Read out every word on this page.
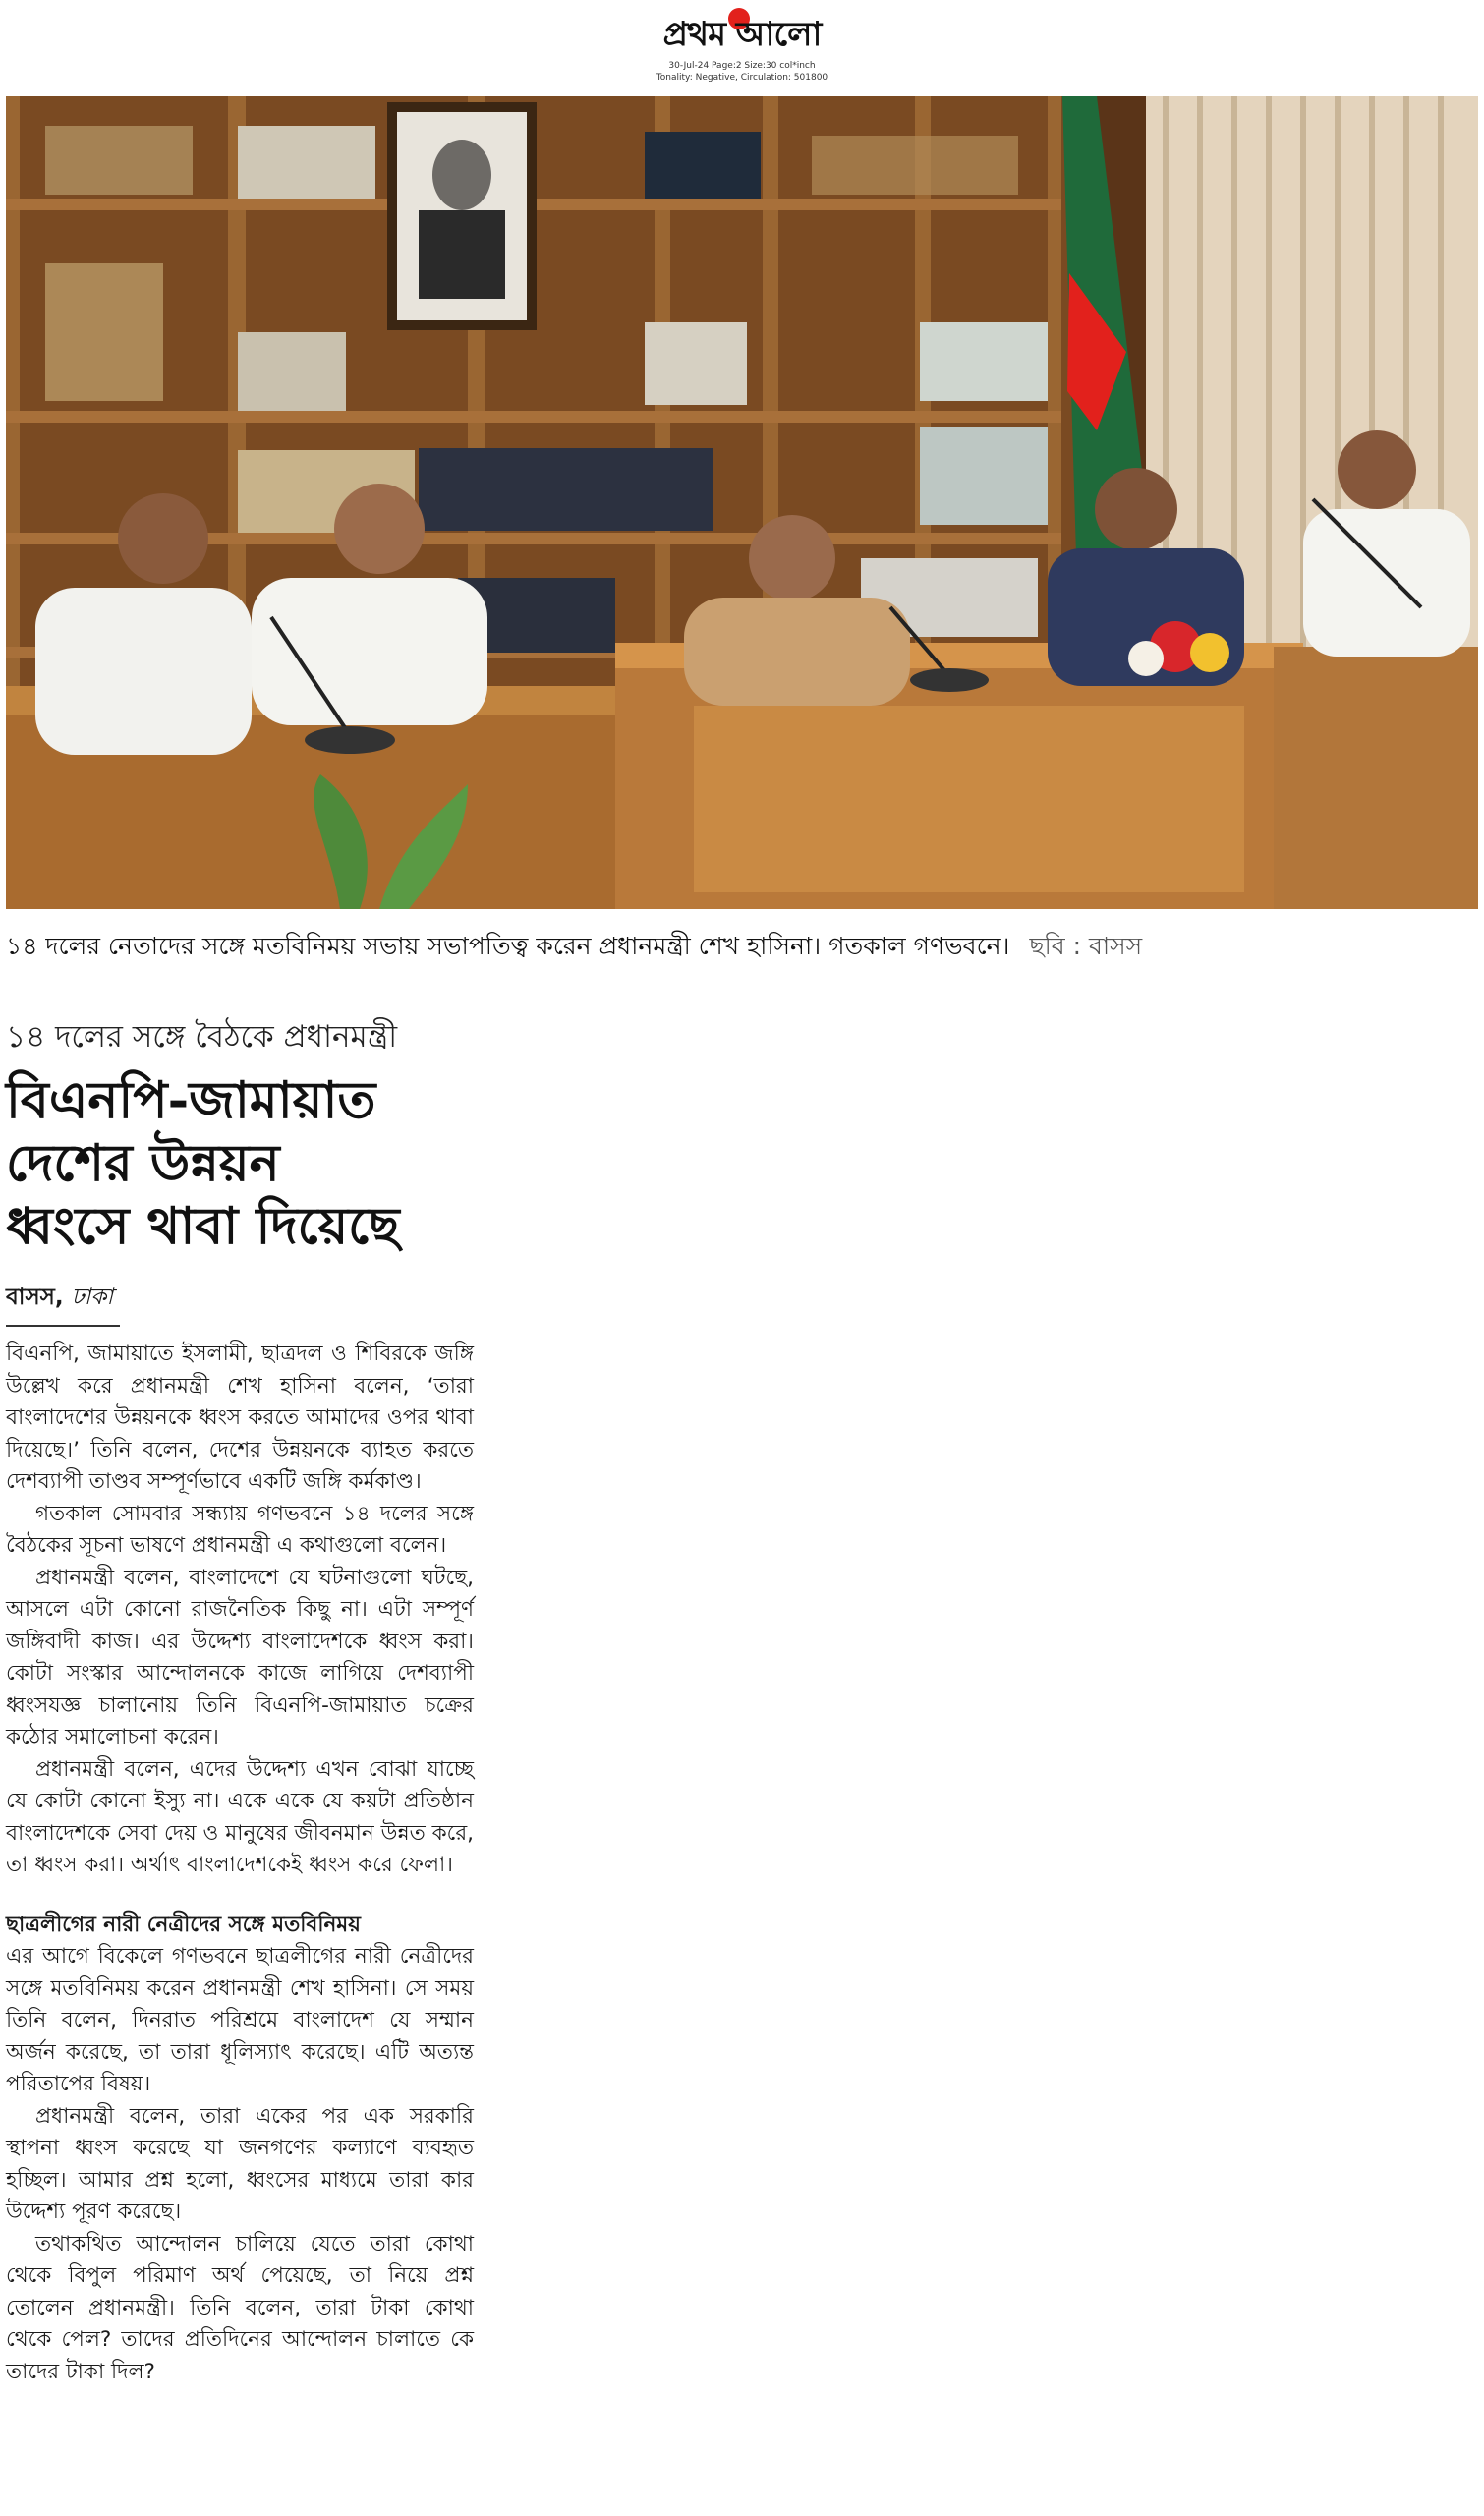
প্রথম আলো
30-Jul-24 Page:2 Size:30 col*inch
Tonality: Negative, Circulation: 501800
১৪ দলের নেতাদের সঙ্গে মতবিনিময় সভায় সভাপতিত্ব করেন প্রধানমন্ত্রী শেখ হাসিনা। গতকাল গণভবনে। ছবি : বাসস
১৪ দলের সঙ্গে বৈঠকে প্রধানমন্ত্রী
বিএনপি-জামায়াত
দেশের উন্নয়ন
ধ্বংসে থাবা দিয়েছে
বাসস, ঢাকা

বিএনপি, জামায়াতে ইসলামী, ছাত্রদল ও শিবিরকে জঙ্গি উল্লেখ করে প্রধানমন্ত্রী শেখ হাসিনা বলেন, ‘তারা বাংলাদেশের উন্নয়নকে ধ্বংস করতে আমাদের ওপর থাবা দিয়েছে।’ তিনি বলেন, দেশের উন্নয়নকে ব্যাহত করতে দেশব্যাপী তাণ্ডব সম্পূর্ণভাবে একটি জঙ্গি কর্মকাণ্ড।

গতকাল সোমবার সন্ধ্যায় গণভবনে ১৪ দলের সঙ্গে বৈঠকের সূচনা ভাষণে প্রধানমন্ত্রী এ কথাগুলো বলেন।

প্রধানমন্ত্রী বলেন, বাংলাদেশে যে ঘটনাগুলো ঘটছে, আসলে এটা কোনো রাজনৈতিক কিছু না। এটা সম্পূর্ণ জঙ্গিবাদী কাজ। এর উদ্দেশ্য বাংলাদেশকে ধ্বংস করা। কোটা সংস্কার আন্দোলনকে কাজে লাগিয়ে দেশব্যাপী ধ্বংসযজ্ঞ চালানোয় তিনি বিএনপি-জামায়াত চক্রের কঠোর সমালোচনা করেন।

প্রধানমন্ত্রী বলেন, এদের উদ্দেশ্য এখন বোঝা যাচ্ছে যে কোটা কোনো ইস্যু না। একে একে যে কয়টা প্রতিষ্ঠান বাংলাদেশকে সেবা দেয় ও মানুষের জীবনমান উন্নত করে, তা ধ্বংস করা। অর্থাৎ বাংলাদেশকেই ধ্বংস করে ফেলা।

ছাত্রলীগের নারী নেত্রীদের সঙ্গে মতবিনিময়

এর আগে বিকেলে গণভবনে ছাত্রলীগের নারী নেত্রীদের সঙ্গে মতবিনিময় করেন প্রধানমন্ত্রী শেখ হাসিনা। সে সময় তিনি বলেন, দিনরাত পরিশ্রমে বাংলাদেশ যে সম্মান অর্জন করেছে, তা তারা ধূলিস্যাৎ করেছে। এটি অত্যন্ত পরিতাপের বিষয়।

প্রধানমন্ত্রী বলেন, তারা একের পর এক সরকারি স্থাপনা ধ্বংস করেছে যা জনগণের কল্যাণে ব্যবহৃত হচ্ছিল। আমার প্রশ্ন হলো, ধ্বংসের মাধ্যমে তারা কার উদ্দেশ্য পূরণ করেছে।

তথাকথিত আন্দোলন চালিয়ে যেতে তারা কোথা থেকে বিপুল পরিমাণ অর্থ পেয়েছে, তা নিয়ে প্রশ্ন তোলেন প্রধানমন্ত্রী। তিনি বলেন, তারা টাকা কোথা থেকে পেল? তাদের প্রতিদিনের আন্দোলন চালাতে কে তাদের টাকা দিল?
